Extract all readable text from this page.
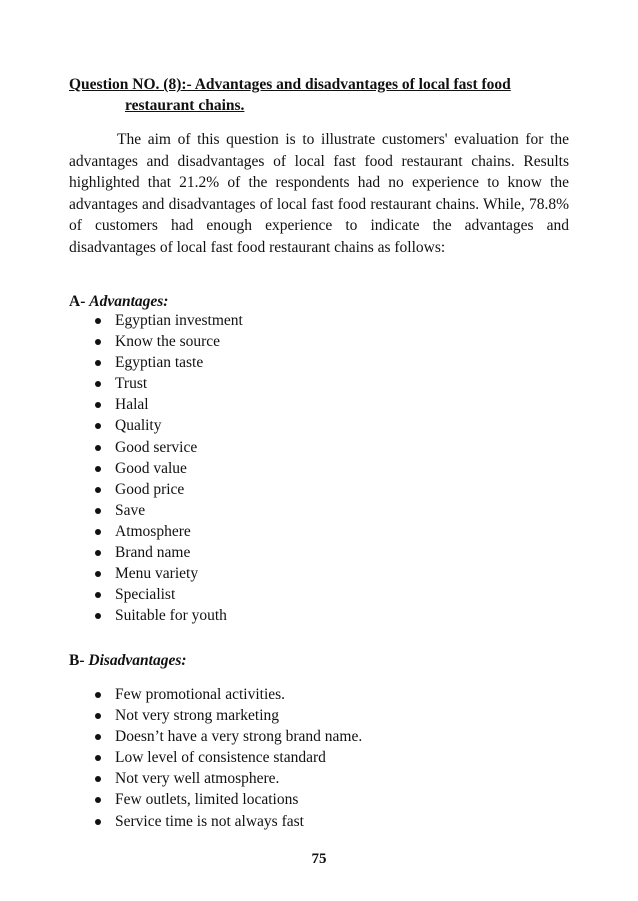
Question NO. (8):- Advantages and disadvantages of local fast food
restaurant chains.

The aim of this question is to illustrate customers' evaluation for the advantages and disadvantages of local fast food restaurant chains. Results highlighted that 21.2% of the respondents had no experience to know the advantages and disadvantages of local fast food restaurant chains. While, 78.8% of customers had enough experience to indicate the advantages and disadvantages of local fast food restaurant chains as follows:

A- Advantages:
Egyptian investment
Know the source
Egyptian taste
Trust
Halal
Quality
Good service
Good value
Good price
Save
Atmosphere
Brand name
Menu variety
Specialist
Suitable for youth
B- Disadvantages:
Few promotional activities.
Not very strong marketing
Doesn’t have a very strong brand name.
Low level of consistence standard
Not very well atmosphere.
Few outlets, limited locations
Service time is not always fast
75
